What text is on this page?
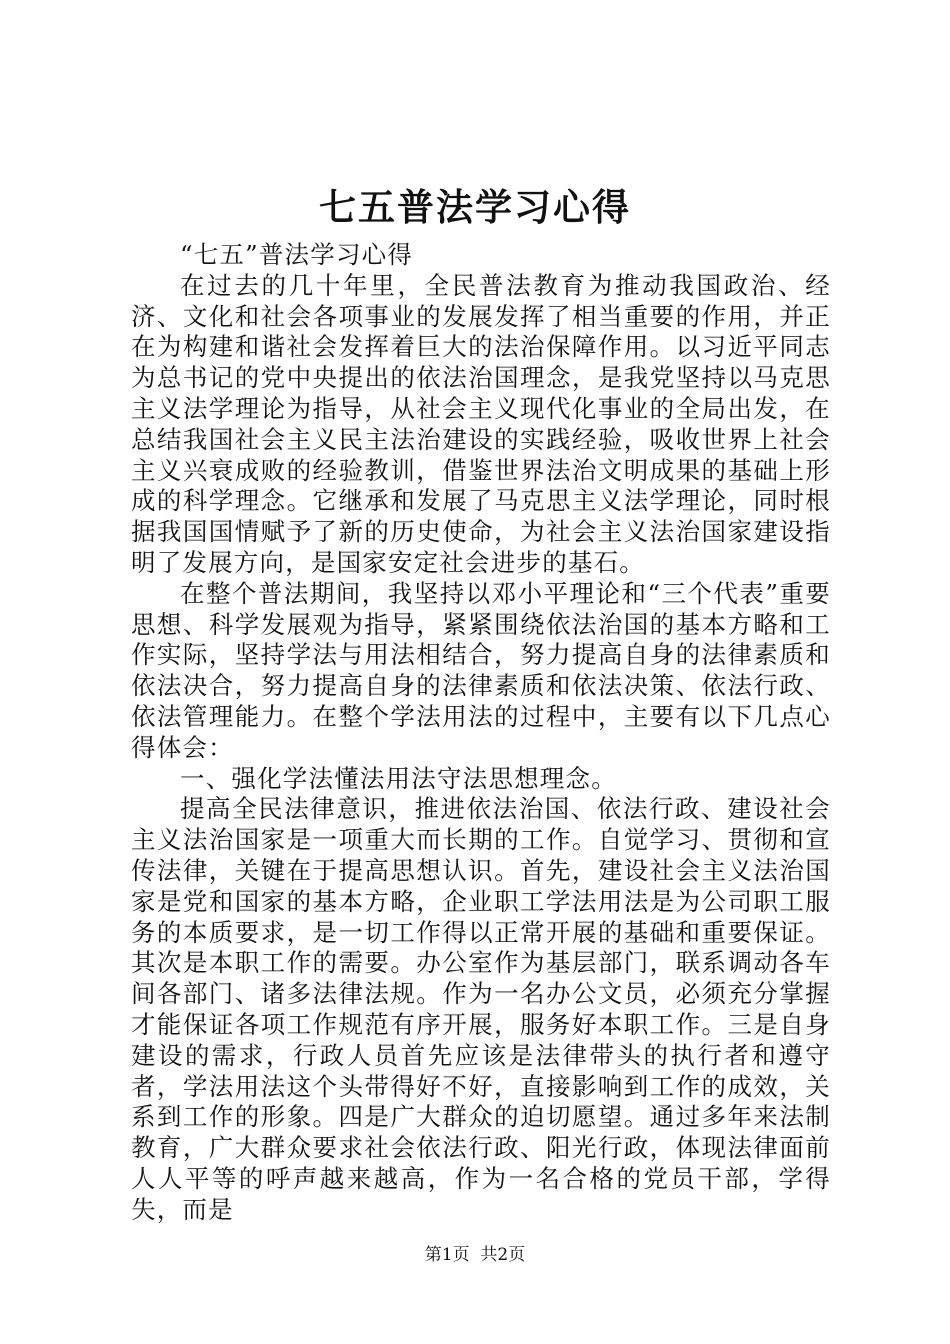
七五普法学习心得

“七五”普法学习心得

在过去的几十年里，全民普法教育为推动我国政治、经济、文化和社会各项事业的发展发挥了相当重要的作用，并正在为构建和谐社会发挥着巨大的法治保障作用。以习近平同志为总书记的党中央提出的依法治国理念，是我党坚持以马克思主义法学理论为指导，从社会主义现代化事业的全局出发，在总结我国社会主义民主法治建设的实践经验，吸收世界上社会主义兴衰成败的经验教训，借鉴世界法治文明成果的基础上形成的科学理念。它继承和发展了马克思主义法学理论，同时根据我国国情赋予了新的历史使命，为社会主义法治国家建设指明了发展方向，是国家安定社会进步的基石。

在整个普法期间，我坚持以邓小平理论和“三个代表”重要思想、科学发展观为指导，紧紧围绕依法治国的基本方略和工作实际，坚持学法与用法相结合，努力提高自身的法律素质和依法决合，努力提高自身的法律素质和依法决策、依法行政、依法管理能力。在整个学法用法的过程中，主要有以下几点心得体会：

一、强化学法懂法用法守法思想理念。

提高全民法律意识，推进依法治国、依法行政、建设社会主义法治国家是一项重大而长期的工作。自觉学习、贯彻和宣传法律，关键在于提高思想认识。首先，建设社会主义法治国家是党和国家的基本方略，企业职工学法用法是为公司职工服务的本质要求，是一切工作得以正常开展的基础和重要保证。其次是本职工作的需要。办公室作为基层部门，联系调动各车间各部门、诸多法律法规。作为一名办公文员，必须充分掌握才能保证各项工作规范有序开展，服务好本职工作。三是自身建设的需求，行政人员首先应该是法律带头的执行者和遵守者，学法用法这个头带得好不好，直接影响到工作的成效，关系到工作的形象。四是广大群众的迫切愿望。通过多年来法制教育，广大群众要求社会依法行政、阳光行政，体现法律面前人人平等的呼声越来越高，作为一名合格的党员干部，学得失，而是

第1页  共2页
